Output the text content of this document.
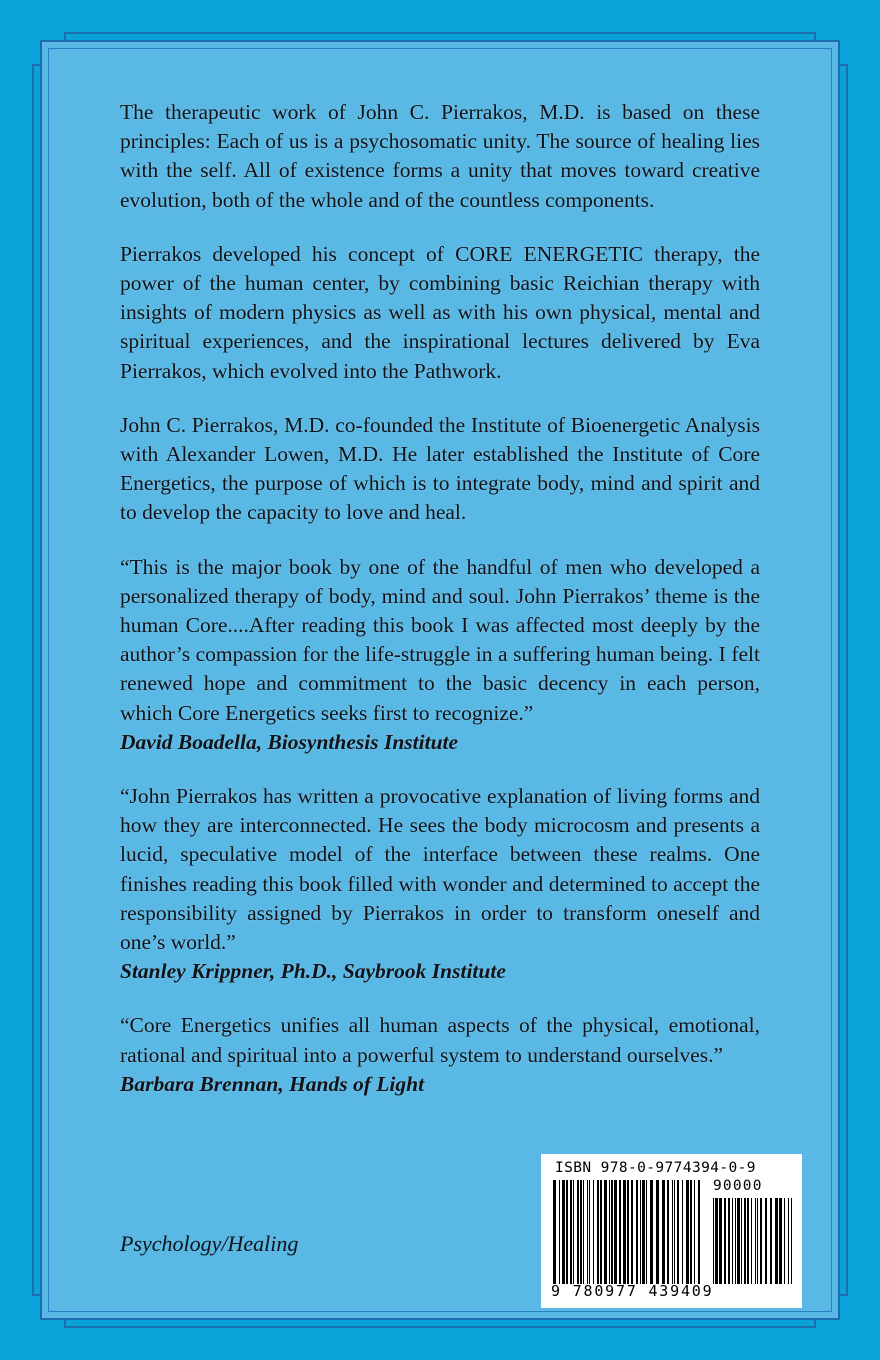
The therapeutic work of John C. Pierrakos, M.D. is based on these principles: Each of us is a psychosomatic unity. The source of healing lies with the self. All of existence forms a unity that moves toward creative evolution, both of the whole and of the countless components.

Pierrakos developed his concept of CORE ENERGETIC therapy, the power of the human center, by combining basic Reichian therapy with insights of modern physics as well as with his own physical, mental and spiritual experiences, and the inspirational lectures delivered by Eva Pierrakos, which evolved into the Pathwork.

John C. Pierrakos, M.D. co-founded the Institute of Bioenergetic Analysis with Alexander Lowen, M.D. He later established the Institute of Core Energetics, the purpose of which is to integrate body, mind and spirit and to develop the capacity to love and heal.

“This is the major book by one of the handful of men who developed a personalized therapy of body, mind and soul. John Pierrakos’ theme is the human Core....After reading this book I was affected most deeply by the author’s compassion for the life-struggle in a suffering human being. I felt renewed hope and commitment to the basic decency in each person, which Core Energetics seeks first to recognize.”
David Boadella, Biosynthesis Institute

“John Pierrakos has written a provocative explanation of living forms and how they are interconnected. He sees the body microcosm and presents a lucid, speculative model of the interface between these realms. One finishes reading this book filled with wonder and determined to accept the responsibility assigned by Pierrakos in order to transform oneself and one’s world.”
Stanley Krippner, Ph.D., Saybrook Institute

“Core Energetics unifies all human aspects of the physical, emotional, rational and spiritual into a powerful system to understand ourselves.”
Barbara Brennan, Hands of Light

Psychology/Healing
ISBN 978-0-9774394-0-9
90000
9 780977 439409
